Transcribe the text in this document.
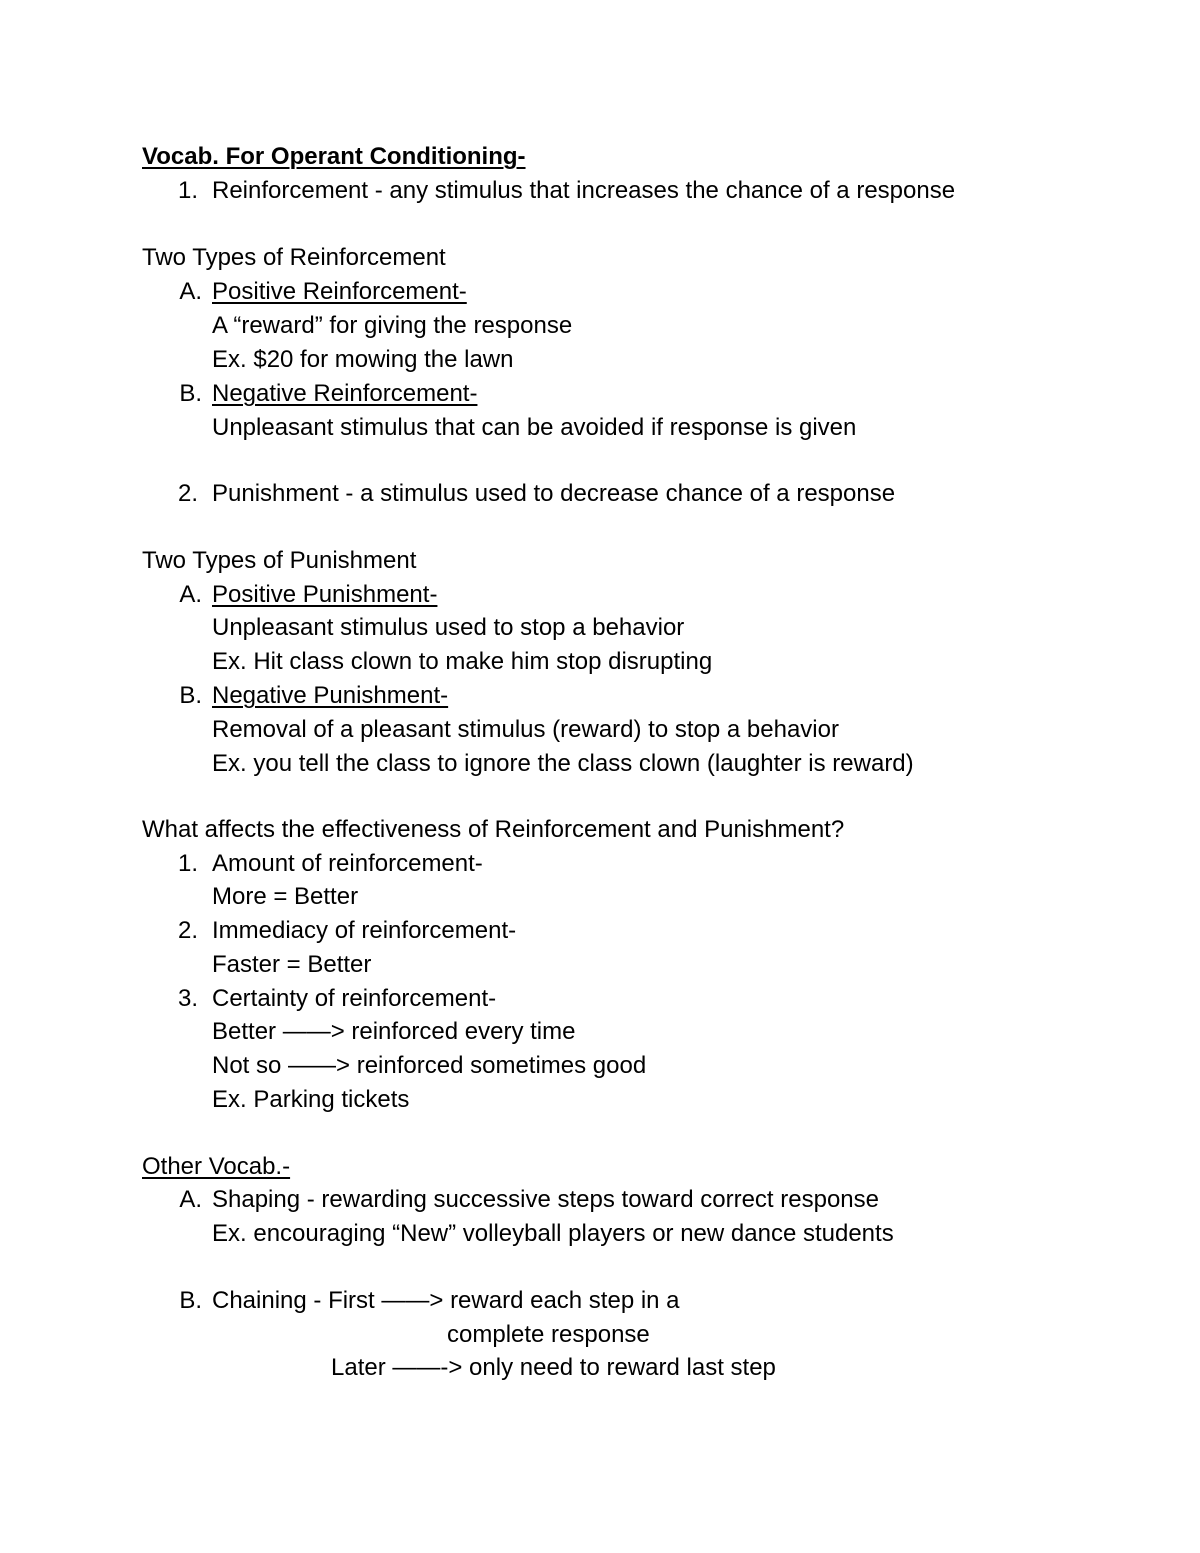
Vocab. For Operant Conditioning-
1. Reinforcement - any stimulus that increases the chance of a response
Two Types of Reinforcement
A. Positive Reinforcement-
A “reward” for giving the response
Ex. $20 for mowing the lawn
B. Negative Reinforcement-
Unpleasant stimulus that can be avoided if response is given
2. Punishment - a stimulus used to decrease chance of a response
Two Types of Punishment
A. Positive Punishment-
Unpleasant stimulus used to stop a behavior
Ex. Hit class clown to make him stop disrupting
B. Negative Punishment-
Removal of a pleasant stimulus (reward) to stop a behavior
Ex. you tell the class to ignore the class clown (laughter is reward)
What affects the effectiveness of Reinforcement and Punishment?
1. Amount of reinforcement-
More = Better
2. Immediacy of reinforcement-
Faster = Better
3. Certainty of reinforcement-
Better ——> reinforced every time
Not so ——> reinforced sometimes good
Ex. Parking tickets
Other Vocab.-
A. Shaping - rewarding successive steps toward correct response
Ex. encouraging “New” volleyball players or new dance students
B. Chaining - First ——> reward each step in a
complete response
Later ——-> only need to reward last step
